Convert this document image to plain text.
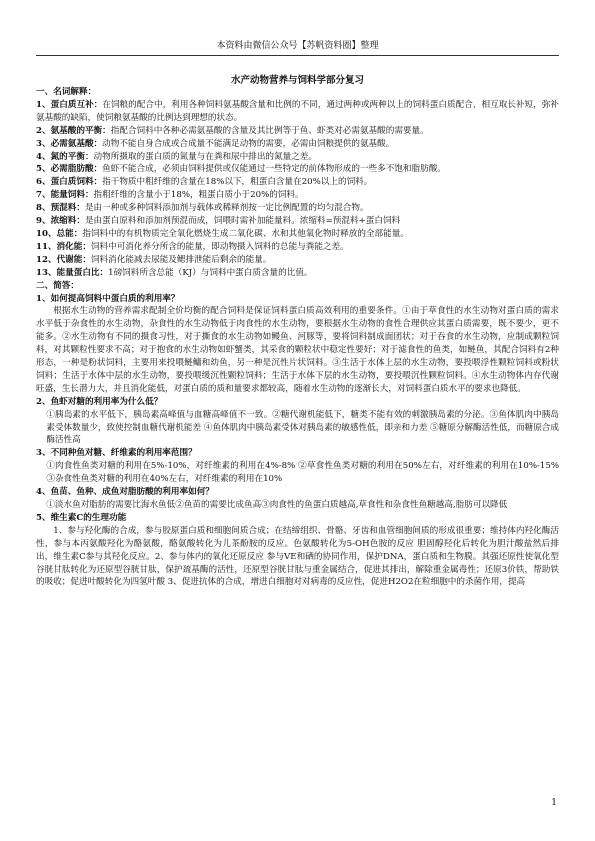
本资料由微信公众号【苏帆资料圈】整理
水产动物营养与饲料学部分复习

一、名词解释：

1、蛋白质互补：在饲粮的配合中，利用各种饲料氨基酸含量和比例的不同，通过两种或两种以上的饲料蛋白质配合，相互取长补短，弥补氨基酸的缺陷，使饲粮氨基酸的比例达到理想的状态。

2、氨基酸的平衡：指配合饲料中各种必需氨基酸的含量及其比例等于鱼、虾类对必需氨基酸的需要量。

3、必需氨基酸：动物不能自身合成或合成量不能满足动物的需要，必需由饲粮提供的氨基酸。

4、氮的平衡：动物所摄取的蛋白质的氮量与在粪和尿中排出的氮量之差。

5、必需脂肪酸：鱼虾不能合成，必须由饲料提供或仅能通过一些特定的前体物形成的一些多不饱和脂肪酸。

6、蛋白质饲料：指干物质中粗纤维的含量在18%以下，粗蛋白含量在20%以上的饲料。

7、能量饲料：指粗纤维的含量小于18%，粗蛋白质小于20%的饲料。

8、预混料：是由一种或多种饲料添加剂与载体或稀释剂按一定比例配置的均匀混合物。

9、浓缩料：是由蛋白原料和添加剂预混而成，饲喂时需补加能量料。浓缩料=预混料+蛋白饲料

10、总能：指饲料中的有机物质完全氧化燃烧生成二氧化碳、水和其他氧化物时释放的全部能量。

11、消化能：饲料中可消化养分所含的能量，即动物摄入饲料的总能与粪能之差。

12、代谢能：饲料消化能减去尿能及鳃排泄能后剩余的能量。

13、能量蛋白比：1磅饲料所含总能（KJ）与饲料中蛋白质含量的比值。

二、简答：

1、如何提高饲料中蛋白质的利用率？

根据水生动物的营养需求配制全价均衡的配合饲料是保证饲料蛋白质高效利用的重要条件。①由于草食性的水生动物对蛋白质的需求水平低于杂食性的水生动物，杂食性的水生动物低于肉食性的水生动物，要根据水生动物的食性合理供应其蛋白质需要，既不要少，更不能多。②水生动物有不同的摄食习性，对于撕食的水生动物如鳗鱼、河豚等，要将饲料制成面团状；对于吞食的水生动物，应制成颗粒饲料，对其颗粒性要求不高；对于抱食的水生动物如虾蟹类，其采食的颗粒状中稳定性要好；对于滤食性的鱼类，如鲢鱼，其配合饲料有2种形态，一种是粉状饲料，主要用来投喂鲢鳙和幼鱼，另一种是沉性片状饲料。③生活于水体上层的水生动物，要投喂浮性颗粒饲料或粉状饲料；生活于水体中层的水生动物，要投喂缓沉性颗粒饲料；生活于水体下层的水生动物，要投喂沉性颗粒饲料。④水生动物体内存代谢旺盛，生长潜力大，并且消化能低，对蛋白质的质和量要求都较高，随着水生动物的逐渐长大，对饲料蛋白质水平的要求也降低。

2、鱼虾对糖的利用率为什么低？

①胰岛素的水平低下，胰岛素高峰值与血糖高峰值不一致。②糖代谢机能低下，糖类不能有效的刺激胰岛素的分泌。③鱼体肌肉中胰岛素受体数量少，致使控制血糖代谢机能差 ④鱼体肌肉中胰岛素受体对胰岛素的敏感性低，即亲和力差 ⑤糖原分解酶活性低，而糖原合成酶活性高

3、不同种鱼对糖、纤维素的利用率范围？

①肉食性鱼类对糖的利用在5%-10%，对纤维素的利用在4%-8% ②草食性鱼类对糖的利用在50%左右，对纤维素的利用在10%-15% ③杂食性鱼类对糖的利用在40%左右，对纤维素的利用在10%

4、鱼苗、鱼种、成鱼对脂肪酸的利用率如何？

①淡水鱼对脂肪的需要比海水鱼低②鱼苗的需要比成鱼高③肉食性的鱼蛋白质越高,草食性和杂食性鱼糖越高,脂肪可以降低

5、维生素C的生理功能

1、参与羟化酶的合成，参与胶原蛋白质和细胞间质合成；在结缔组织、骨骼、牙齿和血管细胞间质的形成很重要；维持体内羟化酶活性，参与本丙氨酸羟化为酪氨酸，酪氨酸转化为儿茶酚胺的反应。色氨酸转化为5-OH色胺的反应 胆固醇羟化后转化为胆汁酸盐然后排出，维生素C参与其羟化反应。2、参与体内的氧化还原反应 参与VE和硒的协同作用，保护DNA，蛋白质和生物膜。其强还原性使氧化型谷胱甘肽转化为还原型谷胱甘肽，保护巯基酶的活性，还原型谷胱甘肽与重金属结合，促进其排出，解除重金属毒性；还原3价铁，帮助铁的吸收；促进叶酸转化为四氢叶酸 3、促进抗体的合成，增进白细胞对对病毒的反应性，促进H2O2在粒细胞中的杀菌作用，提高

1
